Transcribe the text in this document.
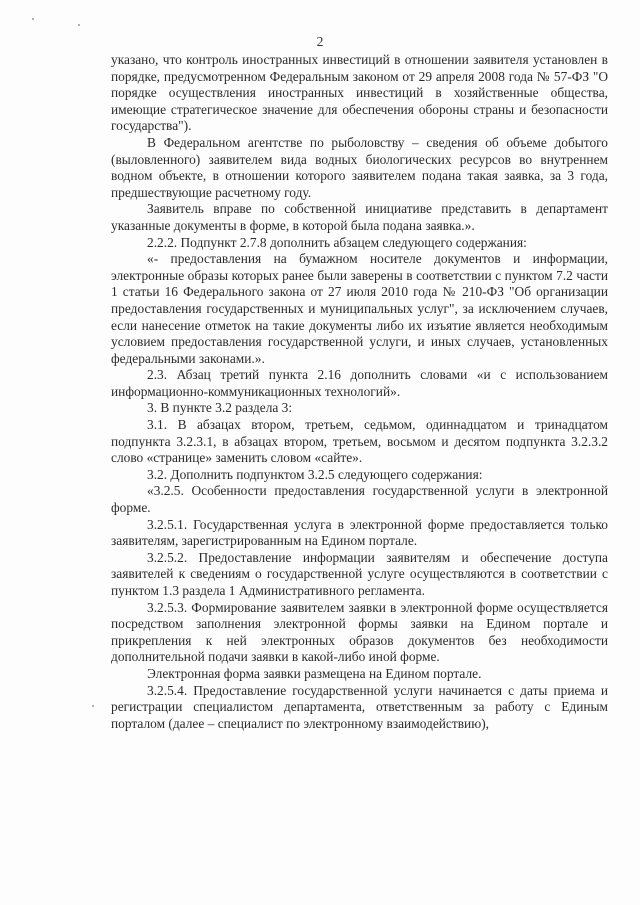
2

указано, что контроль иностранных инвестиций в отношении заявителя установлен в порядке, предусмотренном Федеральным законом от 29 апреля 2008 года № 57-ФЗ "О порядке осуществления иностранных инвестиций в хозяйственные общества, имеющие стратегическое значение для обеспечения обороны страны и безопасности государства").

В Федеральном агентстве по рыболовству – сведения об объеме добытого (выловленного) заявителем вида водных биологических ресурсов во внутреннем водном объекте, в отношении которого заявителем подана такая заявка, за 3 года, предшествующие расчетному году.

Заявитель вправе по собственной инициативе представить в департамент указанные документы в форме, в которой была подана заявка.».

2.2.2. Подпункт 2.7.8 дополнить абзацем следующего содержания:

«- предоставления на бумажном носителе документов и информации, электронные образы которых ранее были заверены в соответствии с пунктом 7.2 части 1 статьи 16 Федерального закона от 27 июля 2010 года № 210-ФЗ "Об организации предоставления государственных и муниципальных услуг", за исключением случаев, если нанесение отметок на такие документы либо их изъятие является необходимым условием предоставления государственной услуги, и иных случаев, установленных федеральными законами.».

2.3. Абзац третий пункта 2.16 дополнить словами «и с использованием информационно-коммуникационных технологий».

3. В пункте 3.2 раздела 3:

3.1. В абзацах втором, третьем, седьмом, одиннадцатом и тринадцатом подпункта 3.2.3.1, в абзацах втором, третьем, восьмом и десятом подпункта 3.2.3.2 слово «странице» заменить словом «сайте».

3.2. Дополнить подпунктом 3.2.5 следующего содержания:

«3.2.5. Особенности предоставления государственной услуги в электронной форме.

3.2.5.1. Государственная услуга в электронной форме предоставляется только заявителям, зарегистрированным на Едином портале.

3.2.5.2. Предоставление информации заявителям и обеспечение доступа заявителей к сведениям о государственной услуге осуществляются в соответствии с пунктом 1.3 раздела 1 Административного регламента.

3.2.5.3. Формирование заявителем заявки в электронной форме осуществляется посредством заполнения электронной формы заявки на Едином портале и прикрепления к ней электронных образов документов без необходимости дополнительной подачи заявки в какой-либо иной форме.

Электронная форма заявки размещена на Едином портале.

3.2.5.4. Предоставление государственной услуги начинается с даты приема и регистрации специалистом департамента, ответственным за работу с Единым порталом (далее – специалист по электронному взаимодействию),
